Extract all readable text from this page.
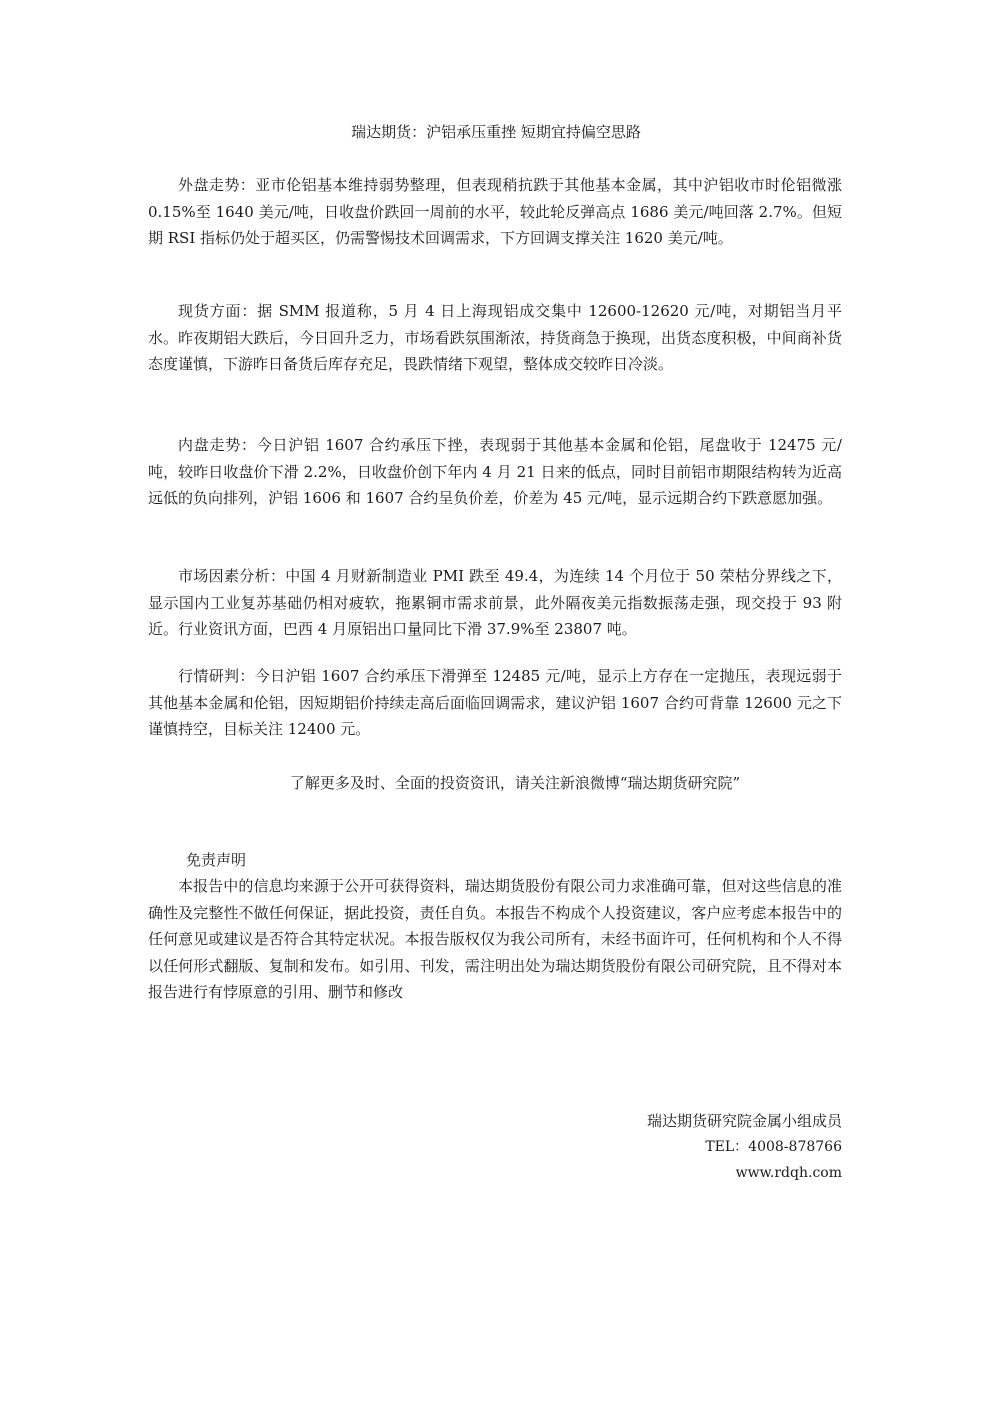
瑞达期货：沪铝承压重挫 短期宜持偏空思路

外盘走势：亚市伦铝基本维持弱势整理，但表现稍抗跌于其他基本金属，其中沪铝收市时伦铝微涨 0.15%至 1640 美元/吨，日收盘价跌回一周前的水平，较此轮反弹高点 1686 美元/吨回落 2.7%。但短期 RSI 指标仍处于超买区，仍需警惕技术回调需求，下方回调支撑关注 1620 美元/吨。

现货方面：据 SMM 报道称，5 月 4 日上海现铝成交集中 12600-12620 元/吨，对期铝当月平水。昨夜期铝大跌后，今日回升乏力，市场看跌氛围渐浓，持货商急于换现，出货态度积极，中间商补货态度谨慎，下游昨日备货后库存充足，畏跌情绪下观望，整体成交较昨日冷淡。

内盘走势：今日沪铝 1607 合约承压下挫，表现弱于其他基本金属和伦铝，尾盘收于 12475 元/吨，较昨日收盘价下滑 2.2%，日收盘价创下年内 4 月 21 日来的低点，同时目前铝市期限结构转为近高远低的负向排列，沪铝 1606 和 1607 合约呈负价差，价差为 45 元/吨，显示远期合约下跌意愿加强。

市场因素分析：中国 4 月财新制造业 PMI 跌至 49.4，为连续 14 个月位于 50 荣枯分界线之下，显示国内工业复苏基础仍相对疲软，拖累铜市需求前景，此外隔夜美元指数振荡走强，现交投于 93 附近。行业资讯方面，巴西 4 月原铝出口量同比下滑 37.9%至 23807 吨。

行情研判：今日沪铝 1607 合约承压下滑弹至 12485 元/吨，显示上方存在一定抛压，表现远弱于其他基本金属和伦铝，因短期铝价持续走高后面临回调需求，建议沪铝 1607 合约可背靠 12600 元之下谨慎持空，目标关注 12400 元。

了解更多及时、全面的投资资讯，请关注新浪微博“瑞达期货研究院”
免责声明

本报告中的信息均来源于公开可获得资料，瑞达期货股份有限公司力求准确可靠，但对这些信息的准确性及完整性不做任何保证，据此投资，责任自负。本报告不构成个人投资建议，客户应考虑本报告中的任何意见或建议是否符合其特定状况。本报告版权仅为我公司所有，未经书面许可，任何机构和个人不得以任何形式翻版、复制和发布。如引用、刊发，需注明出处为瑞达期货股份有限公司研究院，且不得对本报告进行有悖原意的引用、删节和修改

瑞达期货研究院金属小组成员
TEL：4008-878766
www.rdqh.com
